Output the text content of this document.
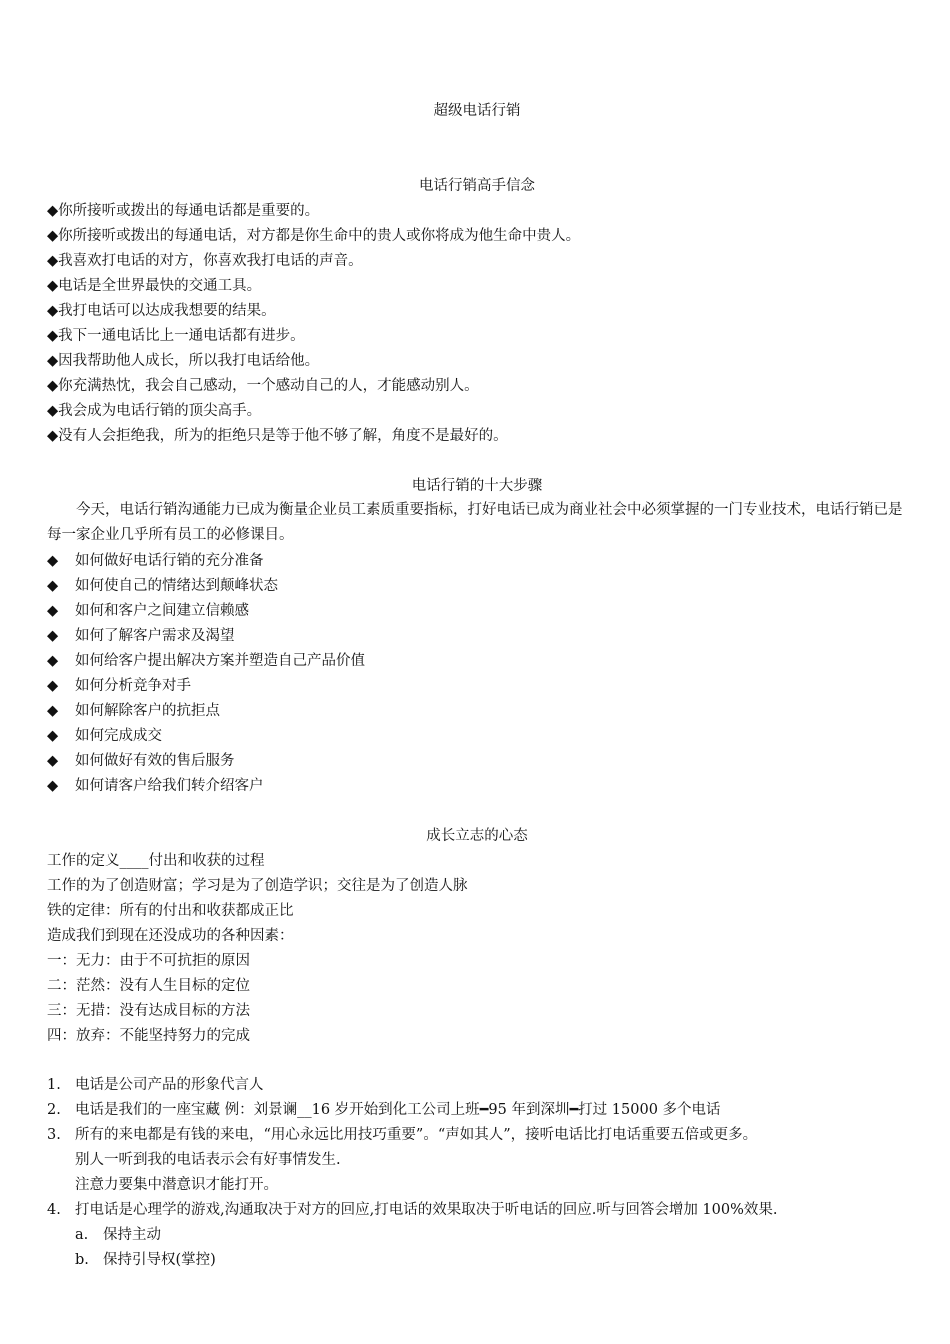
超级电话行销
电话行销高手信念
◆你所接听或拨出的每通电话都是重要的。
◆你所接听或拨出的每通电话，对方都是你生命中的贵人或你将成为他生命中贵人。
◆我喜欢打电话的对方，你喜欢我打电话的声音。
◆电话是全世界最快的交通工具。
◆我打电话可以达成我想要的结果。
◆我下一通电话比上一通电话都有进步。
◆因我帮助他人成长，所以我打电话给他。
◆你充满热忱，我会自己感动，一个感动自己的人，才能感动别人。
◆我会成为电话行销的顶尖高手。
◆没有人会拒绝我，所为的拒绝只是等于他不够了解，角度不是最好的。
电话行销的十大步骤
今天，电话行销沟通能力已成为衡量企业员工素质重要指标，打好电话已成为商业社会中必须掌握的一门专业技术，电话行销已是每一家企业几乎所有员工的必修课目。
◆ 如何做好电话行销的充分准备
◆ 如何使自己的情绪达到颠峰状态
◆ 如何和客户之间建立信赖感
◆ 如何了解客户需求及渴望
◆ 如何给客户提出解决方案并塑造自己产品价值
◆ 如何分析竞争对手
◆ 如何解除客户的抗拒点
◆ 如何完成成交
◆ 如何做好有效的售后服务
◆ 如何请客户给我们转介绍客户
成长立志的心态
工作的定义____付出和收获的过程
工作的为了创造财富；学习是为了创造学识；交往是为了创造人脉
铁的定律：所有的付出和收获都成正比
造成我们到现在还没成功的各种因素：
一：无力：由于不可抗拒的原因
二：茫然：没有人生目标的定位
三：无措：没有达成目标的方法
四：放弃：不能坚持努力的完成
1. 电话是公司产品的形象代言人
2. 电话是我们的一座宝藏 例：刘景谰__16 岁开始到化工公司上班━95 年到深圳━打过 15000 多个电话
3. 所有的来电都是有钱的来电，“用心永远比用技巧重要”。“声如其人”，接听电话比打电话重要五倍或更多。
别人一听到我的电话表示会有好事情发生.
注意力要集中潜意识才能打开。
4. 打电话是心理学的游戏,沟通取决于对方的回应,打电话的效果取决于听电话的回应.听与回答会增加 100%效果.
a. 保持主动
b. 保持引导权(掌控)
